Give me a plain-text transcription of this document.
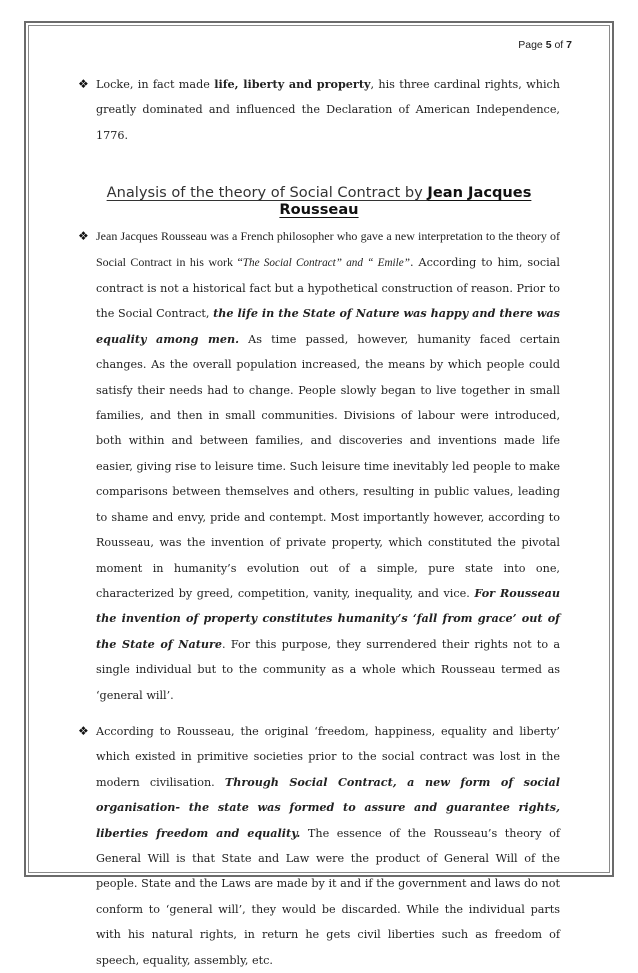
Page 5 of 7
❖ Locke, in fact made life, liberty and property, his three cardinal rights, which greatly dominated and influenced the Declaration of American Independence, 1776.
Analysis of the theory of Social Contract by Jean Jacques Rousseau
❖ Jean Jacques Rousseau was a French philosopher who gave a new interpretation to the theory of Social Contract in his work “The Social Contract” and “ Emile”. According to him, social contract is not a historical fact but a hypothetical construction of reason. Prior to the Social Contract, the life in the State of Nature was happy and there was equality among men. As time passed, however, humanity faced certain changes. As the overall population increased, the means by which people could satisfy their needs had to change. People slowly began to live together in small families, and then in small communities. Divisions of labour were introduced, both within and between families, and discoveries and inventions made life easier, giving rise to leisure time. Such leisure time inevitably led people to make comparisons between themselves and others, resulting in public values, leading to shame and envy, pride and contempt. Most importantly however, according to Rousseau, was the invention of private property, which constituted the pivotal moment in humanity’s evolution out of a simple, pure state into one, characterized by greed, competition, vanity, inequality, and vice. For Rousseau the invention of property constitutes humanity’s ‘fall from grace’ out of the State of Nature. For this purpose, they surrendered their rights not to a single individual but to the community as a whole which Rousseau termed as ‘general will’.
❖ According to Rousseau, the original ‘freedom, happiness, equality and liberty’ which existed in primitive societies prior to the social contract was lost in the modern civilisation. Through Social Contract, a new form of social organisation- the state was formed to assure and guarantee rights, liberties freedom and equality. The essence of the Rousseau’s theory of General Will is that State and Law were the product of General Will of the people. State and the Laws are made by it and if the government and laws do not conform to ‘general will’, they would be discarded. While the individual parts with his natural rights, in return he gets civil liberties such as freedom of speech, equality, assembly, etc.
